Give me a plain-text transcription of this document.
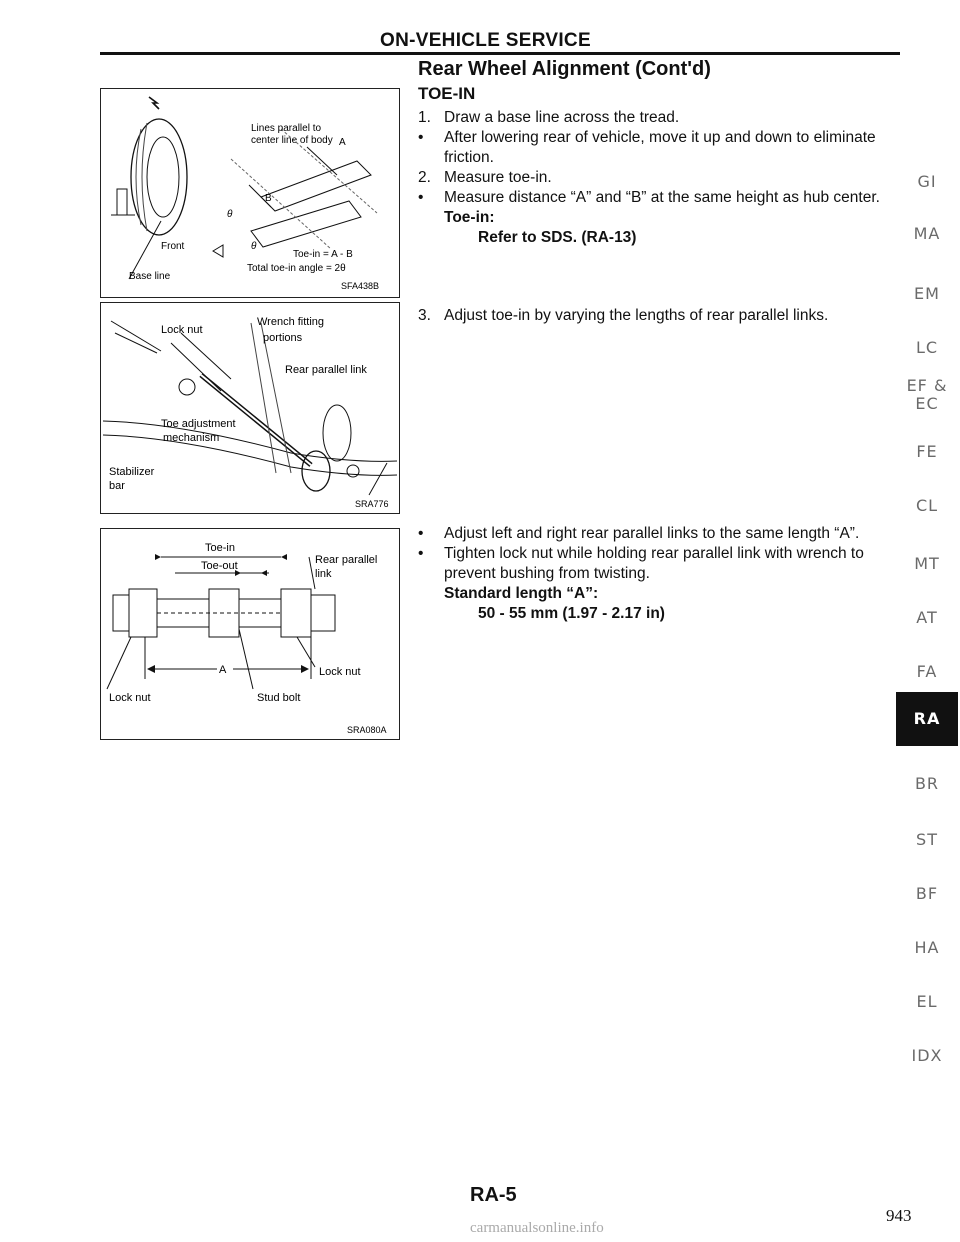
ON-VEHICLE SERVICE
Rear Wheel Alignment (Cont'd)
TOE-IN

1. Draw a base line across the tread.

• After lowering rear of vehicle, move it up and down to eliminate friction.

2. Measure toe-in.

• Measure distance “A” and “B” at the same height as hub center.

Toe-in:
Refer to SDS. (RA-13)

3. Adjust toe-in by varying the lengths of rear parallel links.

• Adjust left and right rear parallel links to the same length “A”.

• Tighten lock nut while holding rear parallel link with wrench to prevent bushing from twisting.

Standard length “A”:
50 - 55 mm (1.97 - 2.17 in)
Lines parallel to
center line of body A
B
θ
θ
Front
Base line
Toe-in = A - B
Total toe-in angle = 2θ
SFA438B
Lock nut
Wrench fitting
portions
Rear parallel link
Toe adjustment
mechanism
Stabilizer
bar
SRA776
Toe-in
Toe-out	Rear parallel
link
A
Lock nut
Lock nut
Stud bolt
SRA080A
GI
MA
EM
LC
EF &
EC
FE
CL
MT
AT
FA
RA
BR
ST
BF
HA
EL
IDX
RA-5
943
carmanualsonline.info
